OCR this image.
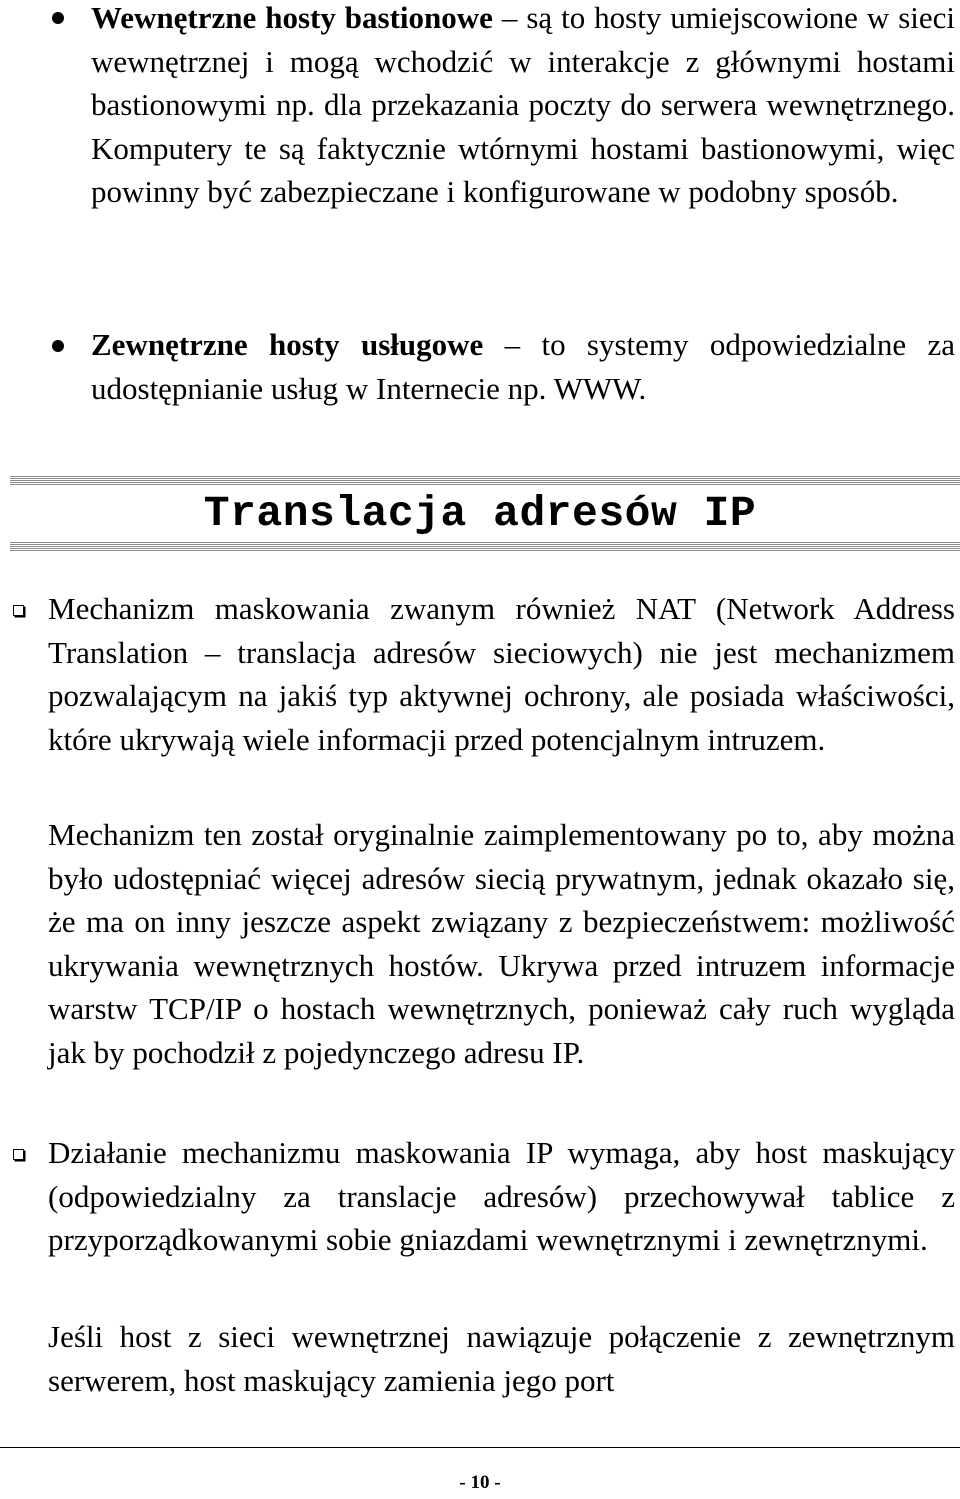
Wewnętrzne hosty bastionowe – są to hosty umiejscowione w sieci wewnętrznej i mogą wchodzić w interakcje z głównymi hostami bastionowymi np. dla przekazania poczty do serwera wewnętrznego. Komputery te są faktycznie wtórnymi hostami bastionowymi, więc powinny być zabezpieczane i konfigurowane w podobny sposób.

Zewnętrzne hosty usługowe – to systemy odpowiedzialne za udostępnianie usług w Internecie np. WWW.

Translacja adresów IP

Mechanizm maskowania zwanym również NAT (Network Address Translation – translacja adresów sieciowych) nie jest mechanizmem pozwalającym na jakiś typ aktywnej ochrony, ale posiada właściwości, które ukrywają wiele informacji przed potencjalnym intruzem.

Mechanizm ten został oryginalnie zaimplementowany po to, aby można było udostępniać więcej adresów siecią prywatnym, jednak okazało się, że ma on inny jeszcze aspekt związany z bezpieczeństwem: możliwość ukrywania wewnętrznych hostów. Ukrywa przed intruzem informacje warstw TCP/IP o hostach wewnętrznych, ponieważ cały ruch wygląda jak by pochodził z pojedynczego adresu IP.

Działanie mechanizmu maskowania IP wymaga, aby host maskujący (odpowiedzialny za translacje adresów) przechowywał tablice z przyporządkowanymi sobie gniazdami wewnętrznymi i zewnętrznymi.

Jeśli host z sieci wewnętrznej nawiązuje połączenie z zewnętrznym serwerem, host maskujący zamienia jego port

- 10 -
